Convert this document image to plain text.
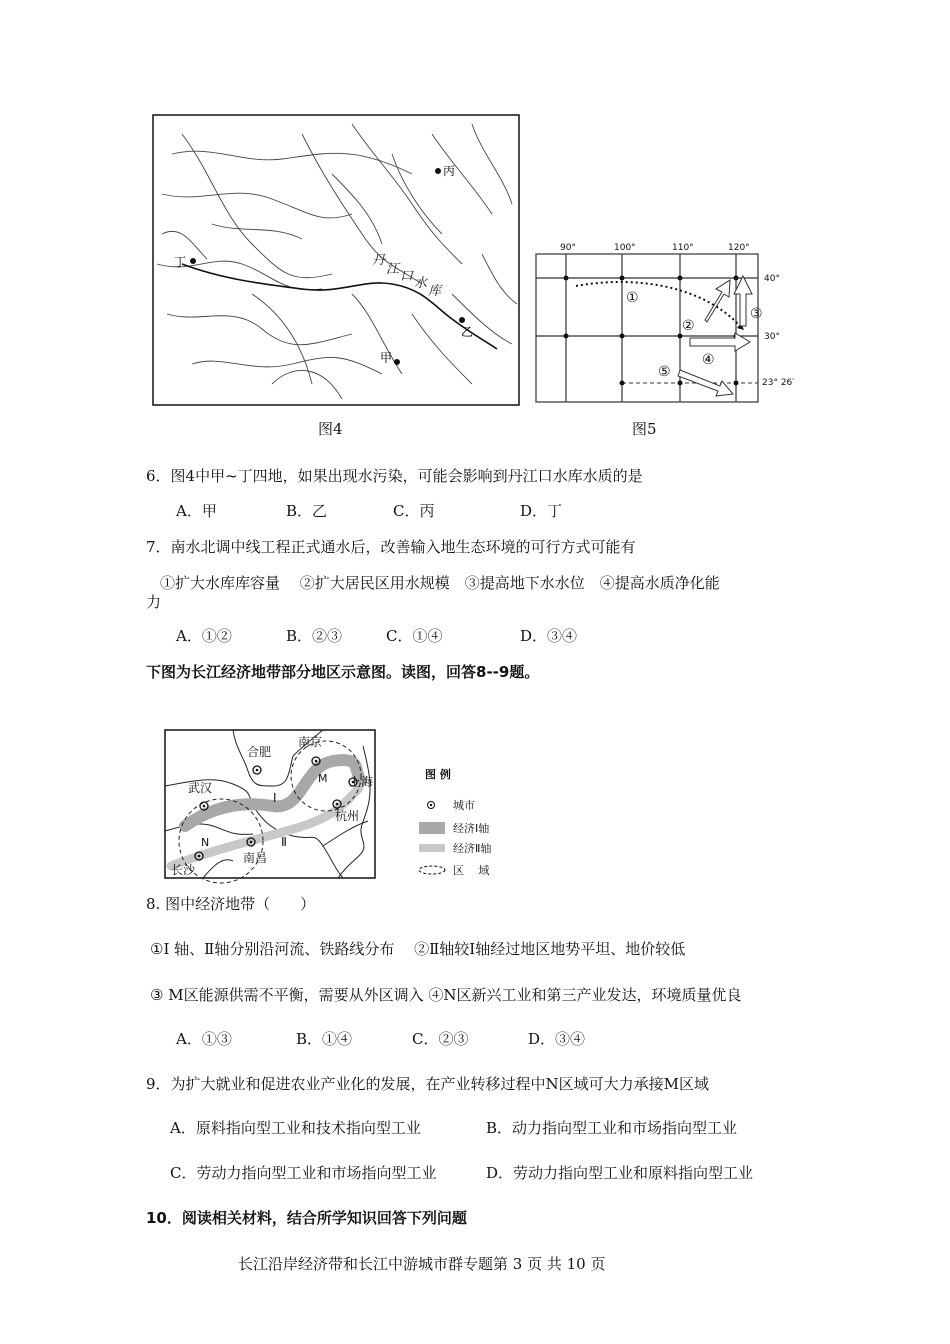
丙
丁
甲
乙
丹
江 口 水
库
图4
90°	100°	110°	120°
40°
30°
23° 26′
①
②
③
④
⑤
图5
6．图4中甲~丁四地，如果出现水污染，可能会影响到丹江口水库水质的是
A．甲	B．乙	C．丙	D．丁
7．南水北调中线工程正式通水后，改善输入地生态环境的可行方式可能有
①扩大水库库容量　 ②扩大居民区用水规模　③提高地下水水位　④提高水质净化能
力
A．①②	B．②③	C．①④	D．③④
下图为长江经济地带部分地区示意图。读图，回答8--9题。
合肥
南京
上海
武汉
杭州
长沙
南昌
M
N
Ⅰ
Ⅱ
图 例
城市
经济Ⅰ轴
经济Ⅱ轴
区　 域
8. 图中经济地带（　　）
①Ⅰ 轴、Ⅱ轴分别沿河流、铁路线分布　 ②Ⅱ轴较Ⅰ轴经过地区地势平坦、地价较低
③ M区能源供需不平衡，需要从外区调入 ④N区新兴工业和第三产业发达，环境质量优良
A．①③	B．①④	C．②③	D．③④
9．为扩大就业和促进农业产业化的发展，在产业转移过程中N区域可大力承接M区域
A．原料指向型工业和技术指向型工业	B．动力指向型工业和市场指向型工业
C．劳动力指向型工业和市场指向型工业	D．劳动力指向型工业和原料指向型工业
10．阅读相关材料，结合所学知识回答下列问题
长江沿岸经济带和长江中游城市群专题第 3 页 共 10 页
